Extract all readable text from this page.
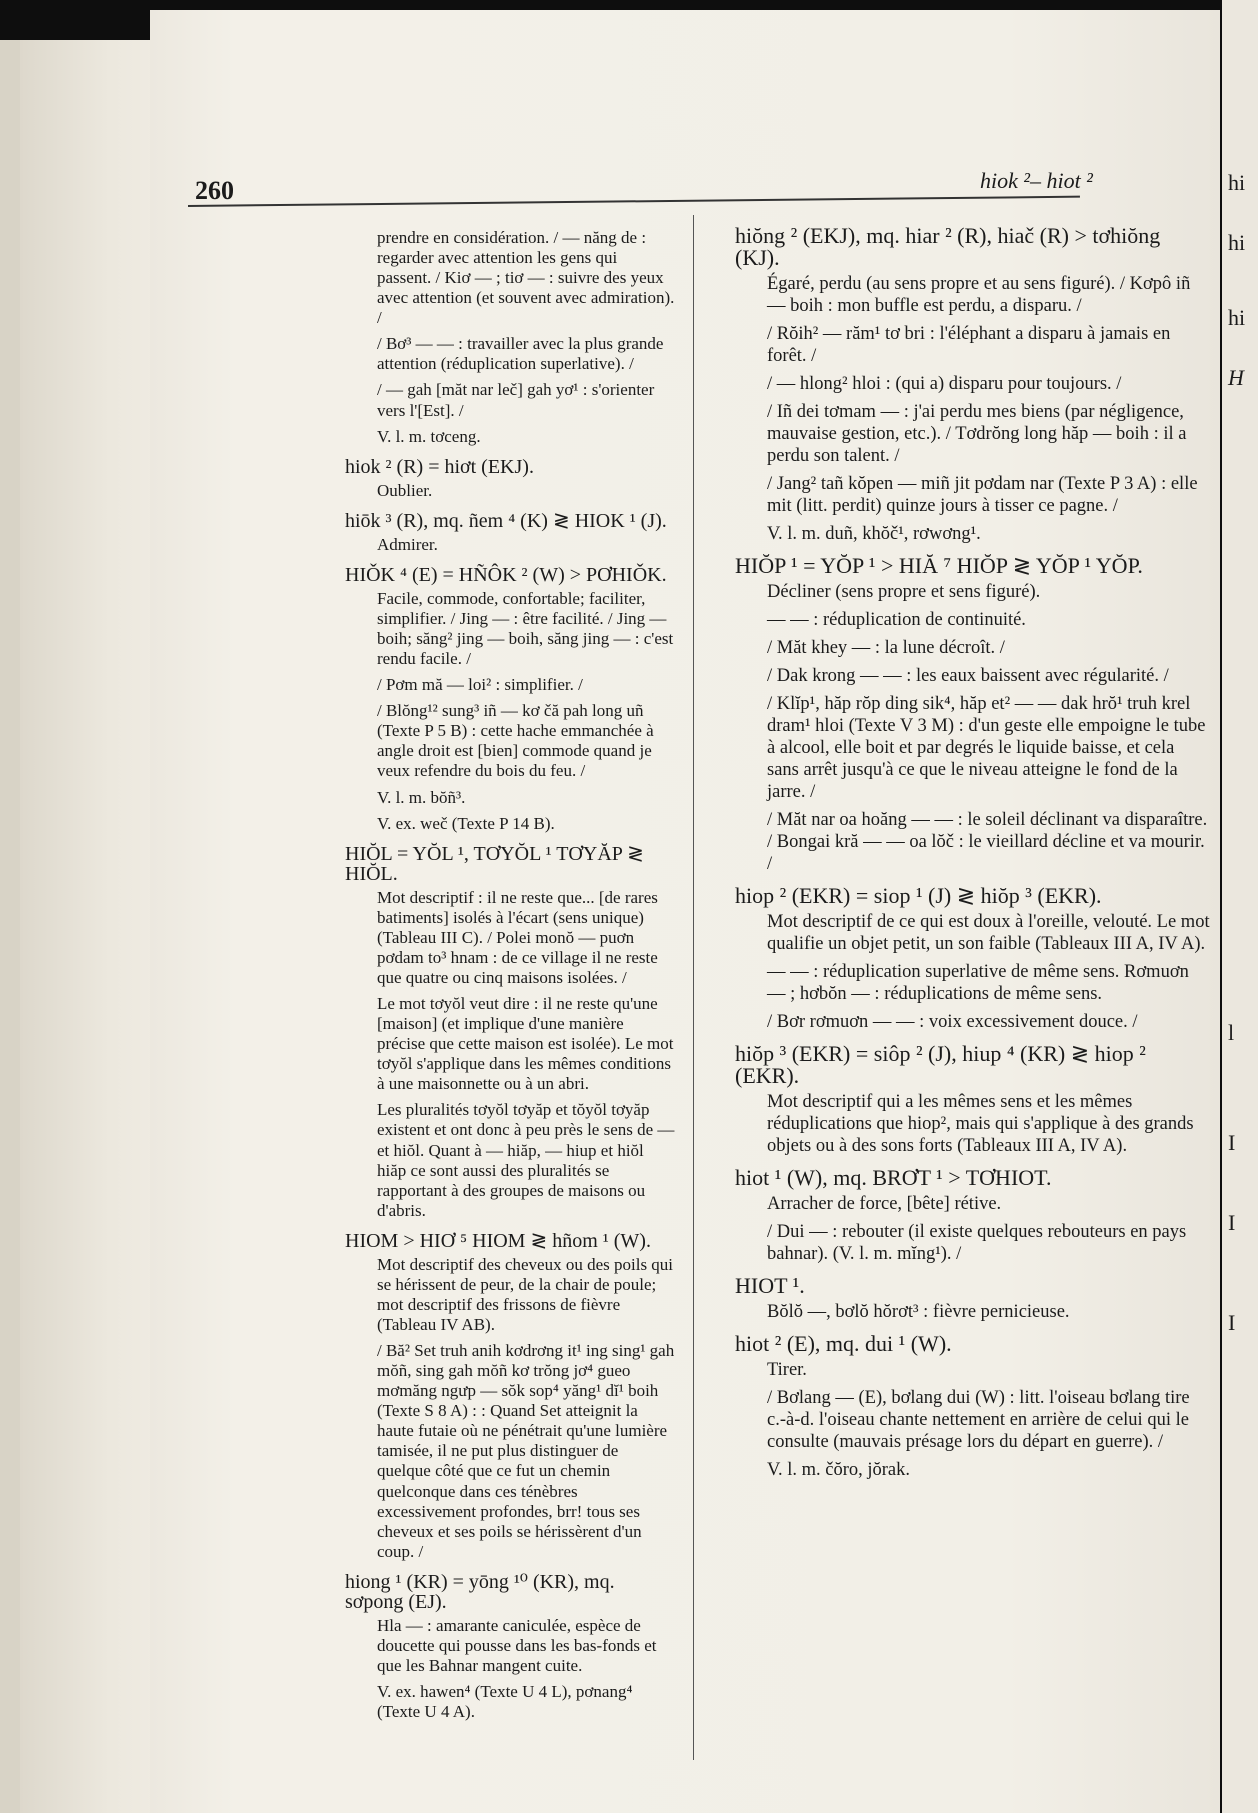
hi
hi
hi
H
l
I
I
I
260	hiok ²– hiot ²

prendre en considération. / — năng de : regarder avec attention les gens qui passent. / Kiơ — ; tiơ — : suivre des yeux avec attention (et souvent avec admiration). /

/ Bơ³ — — : travailler avec la plus grande attention (réduplication superlative). /

/ — gah [măt nar leč] gah yơ¹ : s'orienter vers l'[Est]. /

V. l. m. tơceng.

hiok ² (R) = hiơt (EKJ).

Oublier.

hiōk ³ (R), mq. ñem ⁴ (K) ≷ HIOK ¹ (J).

Admirer.

HIǑK ⁴ (E) = HÑÔK ² (W) > PƠHIǑK.

Facile, commode, confortable; faciliter, simplifier. / Jing — : être facilité. / Jing — boih; săng² jing — boih, săng jing — : c'est rendu facile. /

/ Pơm mă — loi² : simplifier. /

/ Blŏng¹² sung³ iñ — kơ čă pah long uñ (Texte P 5 B) : cette hache emmanchée à angle droit est [bien] commode quand je veux refendre du bois du feu. /

V. l. m. bŏñ³.

V. ex. weč (Texte P 14 B).

HIŎL = YŎL ¹, TƠYŎL ¹ TƠYĂP ≷ HIŎL.

Mot descriptif : il ne reste que... [de rares batiments] isolés à l'écart (sens unique) (Tableau III C). / Polei monŏ — puơn pơdam to³ hnam : de ce village il ne reste que quatre ou cinq maisons isolées. /

Le mot tơyŏl veut dire : il ne reste qu'une [maison] (et implique d'une manière précise que cette maison est isolée). Le mot tơyŏl s'applique dans les mêmes conditions à une maisonnette ou à un abri.

Les pluralités tơyŏl tơyăp et tŏyŏl tơyăp existent et ont donc à peu près le sens de — et hiŏl. Quant à — hiăp, — hiup et hiŏl hiăp ce sont aussi des pluralités se rapportant à des groupes de maisons ou d'abris.

HIOM > HIƠ ⁵ HIOM ≷ hñom ¹ (W).

Mot descriptif des cheveux ou des poils qui se hérissent de peur, de la chair de poule; mot descriptif des frissons de fièvre (Tableau IV AB).

/ Bă² Set truh anih kơdrơng it¹ ing sing¹ gah mŏñ, sing gah mŏñ kơ trŏng jơ⁴ gueo mơmăng ngưp — sŏk sop⁴ yăng¹ dĭ¹ boih (Texte S 8 A) : : Quand Set atteignit la haute futaie où ne pénétrait qu'une lumière tamisée, il ne put plus distinguer de quelque côté que ce fut un chemin quelconque dans ces ténèbres excessivement profondes, brr! tous ses cheveux et ses poils se hérissèrent d'un coup. /

hiong ¹ (KR) = yōng ¹⁰ (KR), mq. sơpong (EJ).

Hla — : amarante caniculée, espèce de doucette qui pousse dans les bas-fonds et que les Bahnar mangent cuite.

V. ex. hawen⁴ (Texte U 4 L), pơnang⁴ (Texte U 4 A).

hiŏng ² (EKJ), mq. hiar ² (R), hiač (R) > tơhiŏng (KJ).

Égaré, perdu (au sens propre et au sens figuré). / Kơpô iñ — boih : mon buffle est perdu, a disparu. /

/ Rŏih² — răm¹ tơ bri : l'éléphant a disparu à jamais en forêt. /

/ — hlong² hloi : (qui a) disparu pour toujours. /

/ Iñ dei tơmam — : j'ai perdu mes biens (par négligence, mauvaise gestion, etc.). / Tơdrŏng long hăp — boih : il a perdu son talent. /

/ Jang² tañ kŏpen — miñ jit pơdam nar (Texte P 3 A) : elle mit (litt. perdit) quinze jours à tisser ce pagne. /

V. l. m. duñ, khŏč¹, rơwơng¹.

HIŎP ¹ = YŎP ¹ > HIĂ ⁷ HIŎP ≷ YŎP ¹ YŎP.

Décliner (sens propre et sens figuré).

— — : réduplication de continuité.

/ Măt khey — : la lune décroît. /

/ Dak krong — — : les eaux baissent avec régularité. /

/ Klĭp¹, hăp rŏp ding sik⁴, hăp et² — — dak hrŏ¹ truh krel dram¹ hloi (Texte V 3 M) : d'un geste elle empoigne le tube à alcool, elle boit et par degrés le liquide baisse, et cela sans arrêt jusqu'à ce que le niveau atteigne le fond de la jarre. /

/ Măt nar oa hoăng — — : le soleil déclinant va disparaître. / Bongai kră — — oa lŏč : le vieillard décline et va mourir. /

hiop ² (EKR) = siop ¹ (J) ≷ hiŏp ³ (EKR).

Mot descriptif de ce qui est doux à l'oreille, velouté. Le mot qualifie un objet petit, un son faible (Tableaux III A, IV A).

— — : réduplication superlative de même sens. Rơmuơn — ; hơbŏn — : réduplications de même sens.

/ Bơr rơmuơn — — : voix excessivement douce. /

hiŏp ³ (EKR) = siôp ² (J), hiup ⁴ (KR) ≷ hiop ² (EKR).

Mot descriptif qui a les mêmes sens et les mêmes réduplications que hiop², mais qui s'applique à des grands objets ou à des sons forts (Tableaux III A, IV A).

hiot ¹ (W), mq. BRƠT ¹ > TƠHIOT.

Arracher de force, [bête] rétive.

/ Dui — : rebouter (il existe quelques rebouteurs en pays bahnar). (V. l. m. mĭng¹). /

HIOT ¹.

Bŏlŏ —, bơlŏ hŏrơt³ : fièvre pernicieuse.

hiot ² (E), mq. dui ¹ (W).

Tirer.

/ Bơlang — (E), bơlang dui (W) : litt. l'oiseau bơlang tire c.-à-d. l'oiseau chante nettement en arrière de celui qui le consulte (mauvais présage lors du départ en guerre). /

V. l. m. čŏro, jŏrak.
